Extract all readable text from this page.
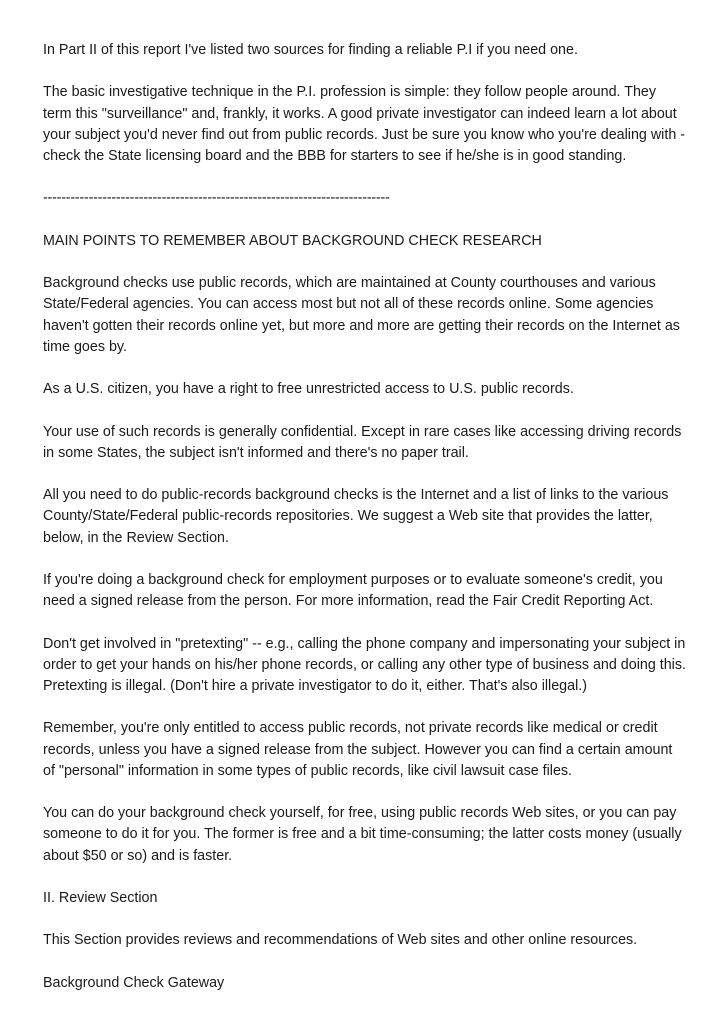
In Part II of this report I've listed two sources for finding a reliable P.I if you need one.

The basic investigative technique in the P.I. profession is simple: they follow people around. They term this "surveillance" and, frankly, it works. A good private investigator can indeed learn a lot about your subject you'd never find out from public records. Just be sure you know who you're dealing with - check the State licensing board and the BBB for starters to see if he/she is in good standing.

----------------------------------------------------------------------------

MAIN POINTS TO REMEMBER ABOUT BACKGROUND CHECK RESEARCH

Background checks use public records, which are maintained at County courthouses and various State/Federal agencies. You can access most but not all of these records online. Some agencies haven't gotten their records online yet, but more and more are getting their records on the Internet as time goes by.

As a U.S. citizen, you have a right to free unrestricted access to U.S. public records.

Your use of such records is generally confidential. Except in rare cases like accessing driving records in some States, the subject isn't informed and there's no paper trail.

All you need to do public-records background checks is the Internet and a list of links to the various County/State/Federal public-records repositories. We suggest a Web site that provides the latter, below, in the Review Section.

If you're doing a background check for employment purposes or to evaluate someone's credit, you need a signed release from the person. For more information, read the Fair Credit Reporting Act.

Don't get involved in "pretexting" -- e.g., calling the phone company and impersonating your subject in order to get your hands on his/her phone records, or calling any other type of business and doing this. Pretexting is illegal. (Don't hire a private investigator to do it, either. That's also illegal.)

Remember, you're only entitled to access public records, not private records like medical or credit records, unless you have a signed release from the subject. However you can find a certain amount of "personal" information in some types of public records, like civil lawsuit case files.

You can do your background check yourself, for free, using public records Web sites, or you can pay someone to do it for you. The former is free and a bit time-consuming; the latter costs money (usually about $50 or so) and is faster.

II. Review Section

This Section provides reviews and recommendations of Web sites and other online resources.

Background Check Gateway
